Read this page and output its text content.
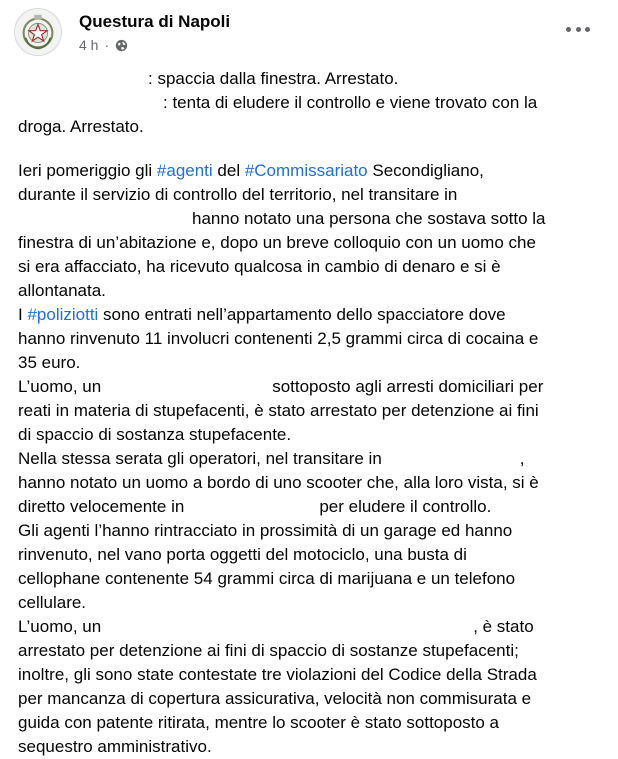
Questura di Napoli
4 h ·

: spaccia dalla finestra. Arrestato.
: tenta di eludere il controllo e viene trovato con la
droga. Arrestato.

Ieri pomeriggio gli #agenti del #Commissariato Secondigliano,
durante il servizio di controllo del territorio, nel transitare in
hanno notato una persona che sostava sotto la
finestra di un’abitazione e, dopo un breve colloquio con un uomo che
si era affacciato, ha ricevuto qualcosa in cambio di denaro e si è
allontanata.
I #poliziotti sono entrati nell’appartamento dello spacciatore dove
hanno rinvenuto 11 involucri contenenti 2,5 grammi circa di cocaina e
35 euro.
L’uomo, un	sottoposto agli arresti domiciliari per
reati in materia di stupefacenti, è stato arrestato per detenzione ai fini
di spaccio di sostanza stupefacente.
Nella stessa serata gli operatori, nel transitare in	,
hanno notato un uomo a bordo di uno scooter che, alla loro vista, si è
diretto velocemente in	per eludere il controllo.
Gli agenti l’hanno rintracciato in prossimità di un garage ed hanno
rinvenuto, nel vano porta oggetti del motociclo, una busta di
cellophane contenente 54 grammi circa di marijuana e un telefono
cellulare.
L’uomo, un	, è stato
arrestato per detenzione ai fini di spaccio di sostanze stupefacenti;
inoltre, gli sono state contestate tre violazioni del Codice della Strada
per mancanza di copertura assicurativa, velocità non commisurata e
guida con patente ritirata, mentre lo scooter è stato sottoposto a
sequestro amministrativo.
